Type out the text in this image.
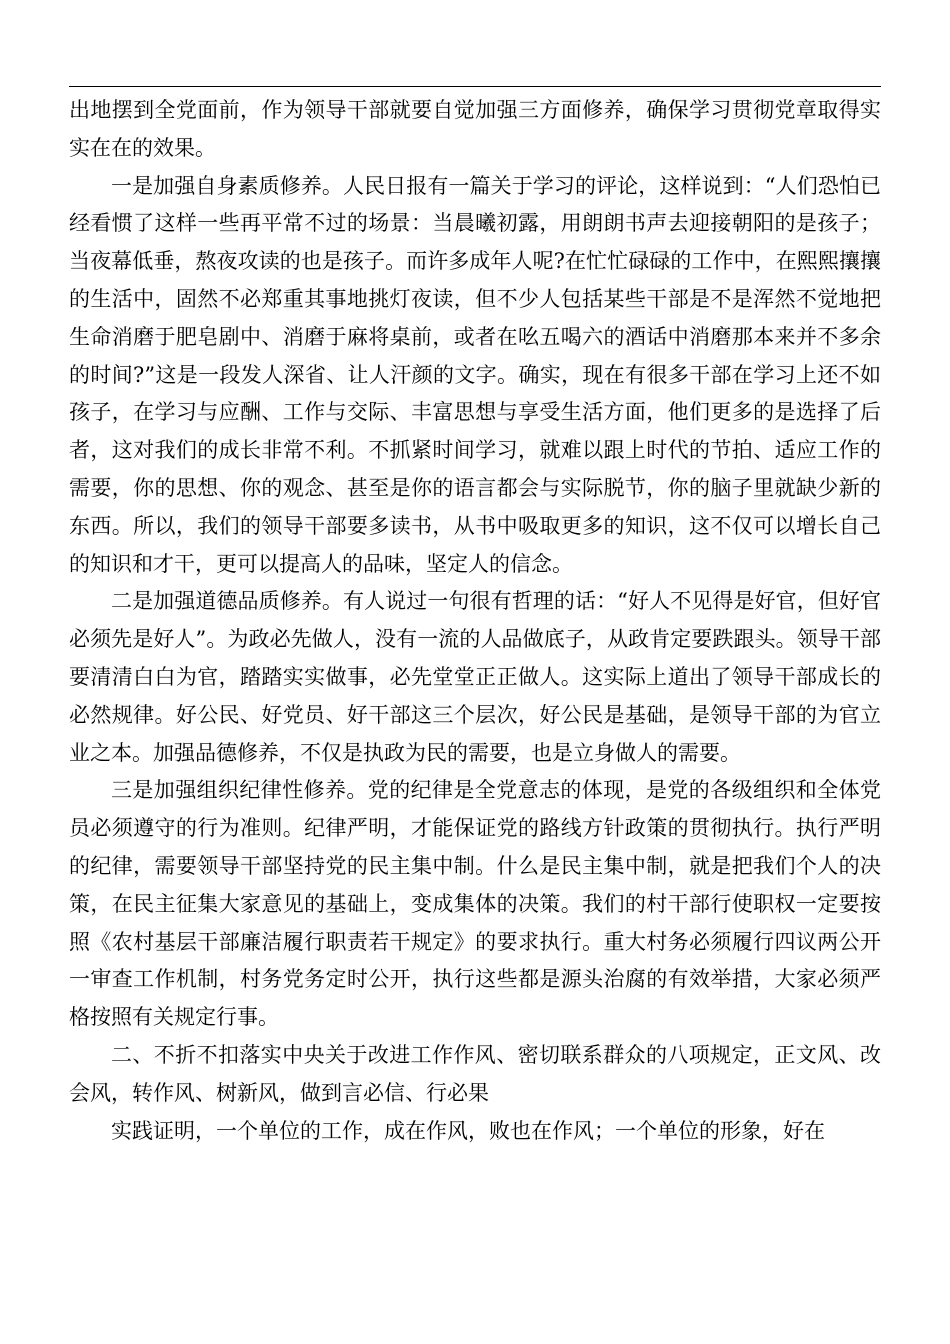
出地摆到全党面前，作为领导干部就要自觉加强三方面修养，确保学习贯彻党章取得实实在在的效果。

一是加强自身素质修养。人民日报有一篇关于学习的评论，这样说到：“人们恐怕已经看惯了这样一些再平常不过的场景：当晨曦初露，用朗朗书声去迎接朝阳的是孩子；当夜幕低垂，熬夜攻读的也是孩子。而许多成年人呢?在忙忙碌碌的工作中，在熙熙攘攘的生活中，固然不必郑重其事地挑灯夜读，但不少人包括某些干部是不是浑然不觉地把生命消磨于肥皂剧中、消磨于麻将桌前，或者在吆五喝六的酒话中消磨那本来并不多余的时间?”这是一段发人深省、让人汗颜的文字。确实，现在有很多干部在学习上还不如孩子，在学习与应酬、工作与交际、丰富思想与享受生活方面，他们更多的是选择了后者，这对我们的成长非常不利。不抓紧时间学习，就难以跟上时代的节拍、适应工作的需要，你的思想、你的观念、甚至是你的语言都会与实际脱节，你的脑子里就缺少新的东西。所以，我们的领导干部要多读书，从书中吸取更多的知识，这不仅可以增长自己的知识和才干，更可以提高人的品味，坚定人的信念。

二是加强道德品质修养。有人说过一句很有哲理的话：“好人不见得是好官，但好官必须先是好人”。为政必先做人，没有一流的人品做底子，从政肯定要跌跟头。领导干部要清清白白为官，踏踏实实做事，必先堂堂正正做人。这实际上道出了领导干部成长的必然规律。好公民、好党员、好干部这三个层次，好公民是基础，是领导干部的为官立业之本。加强品德修养，不仅是执政为民的需要，也是立身做人的需要。

三是加强组织纪律性修养。党的纪律是全党意志的体现，是党的各级组织和全体党员必须遵守的行为准则。纪律严明，才能保证党的路线方针政策的贯彻执行。执行严明的纪律，需要领导干部坚持党的民主集中制。什么是民主集中制，就是把我们个人的决策，在民主征集大家意见的基础上，变成集体的决策。我们的村干部行使职权一定要按照《农村基层干部廉洁履行职责若干规定》的要求执行。重大村务必须履行四议两公开一审查工作机制，村务党务定时公开，执行这些都是源头治腐的有效举措，大家必须严格按照有关规定行事。

二、不折不扣落实中央关于改进工作作风、密切联系群众的八项规定，正文风、改会风，转作风、树新风，做到言必信、行必果

实践证明，一个单位的工作，成在作风，败也在作风；一个单位的形象，好在
